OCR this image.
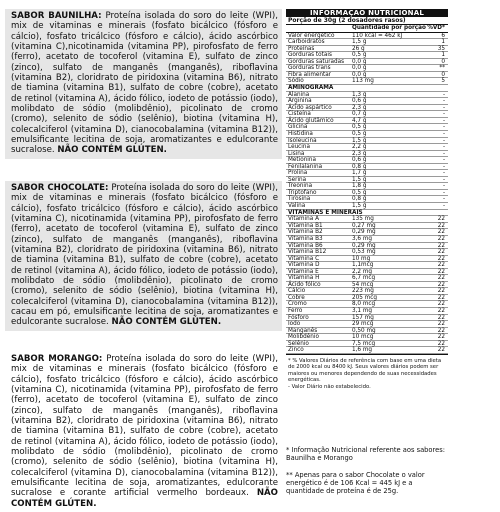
SABOR BAUNILHA: Proteína isolada do soro do leite (WPI), mix de vitaminas e minerais (fosfato bicálcico (fósforo e cálcio), fosfato tricálcico (fósforo e cálcio), ácido ascórbico (vitamina C),nicotinamida (vitamina PP), pirofosfato de ferro (ferro), acetato de tocoferol (vitamina E), sulfato de zinco (zinco), sulfato de manganês (manganês), riboflavina (vitamina B2), cloridrato de piridoxina (vitamina B6), nitrato de tiamina (vitamina B1), sulfato de cobre (cobre), acetato de retinol (vitamina A), ácido fólico, iodeto de potássio (iodo), molibdato de sódio (molibdênio), picolinato de cromo (cromo), selenito de sódio (selênio), biotina (vitamina H), colecalciferol (vitamina D), cianocobalamina (vitamina B12)), emulsificante lecitina de soja, aromatizantes e edulcorante sucralose. NÃO CONTÉM GLÚTEN.
SABOR CHOCOLATE: Proteína isolada do soro do leite (WPI), mix de vitaminas e minerais (fosfato bicálcico (fósforo e cálcio), fosfato tricálcico (fósforo e cálcio), ácido ascórbico (vitamina C), nicotinamida (vitamina PP), pirofosfato de ferro (ferro), acetato de tocoferol (vitamina E), sulfato de zinco (zinco), sulfato de manganês (manganês), riboflavina (vitamina B2), cloridrato de piridoxina (vitamina B6), nitrato de tiamina (vitamina B1), sulfato de cobre (cobre), acetato de retinol (vitamina A), ácido fólico, iodeto de potássio (iodo), molibdato de sódio (molibdênio), picolinato de cromo (cromo), selenito de sódio (selênio), biotina (vitamina H), colecalciferol (vitamina D), cianocobalamina (vitamina B12)), cacau em pó, emulsificante lecitina de soja, aromatizantes e edulcorante sucralose. NÃO CONTÉM GLÚTEN.
SABOR MORANGO: Proteína isolada do soro do leite (WPI), mix de vitaminas e minerais (fosfato bicálcico (fósforo e cálcio), fosfato tricálcico (fósforo e cálcio), ácido ascórbico (vitamina C), nicotinamida (vitamina PP), pirofosfato de ferro (ferro), acetato de tocoferol (vitamina E), sulfato de zinco (zinco), sulfato de manganês (manganês), riboflavina (vitamina B2), cloridrato de piridoxina (vitamina B6), nitrato de tiamina (vitamina B1), sulfato de cobre (cobre), acetato de retinol (vitamina A), ácido fólico, iodeto de potássio (iodo), molibdato de sódio (molibdênio), picolinato de cromo (cromo), selenito de sódio (selênio), biotina (vitamina H), colecalciferol (vitamina D), cianocobalamina (vitamina B12)), emulsificante lecitina de soja, aromatizantes, edulcorante sucralose e corante artificial vermelho bordeaux. NÃO CONTÉM GLÚTEN.
INFORMAÇÃO NUTRICIONAL
Porção de 30g (2 dosadores rasos)
Quantidade por porção %VD*
Valor energético	110 kcal = 462 kJ	6
Carboidratos	1,5 g	1
Proteínas	26 g	35
Gorduras totais	0,5 g	1
Gorduras saturadas	0,0 g	0
Gorduras trans	0,0 g	**
Fibra alimentar	0,0 g	0
Sódio	113 mg	5
AMINOGRAMA
Alanina	1,3 g	-
Arginina	0,6 g	-
Ácido aspártico	2,3 g	-
Cisteína	0,7 g	-
Ácido glutâmico	4,7 g	-
Glicina	0,5 g	-
Histidina	0,5 g	-
Isoleucina	1,5 g	-
Leucina	2,2 g	-
Lisina	2,3 g	-
Metionina	0,6 g	-
Fenilalanina	0,8 g	-
Prolina	1,7 g	-
Serina	1,5 g	-
Treonina	1,8 g	-
Triptofano	0,5 g	-
Tirosina	0,8 g	-
Valina	1,5 g	-
VITAMINAS E MINERAIS
Vitamina A	135 mg	22
Vitamina B1	0,27 mg	22
Vitamina B2	0,29 mg	22
Vitamina B3	3,6 mg	22
Vitamina B6	0,29 mg	22
Vitamina B12	0,53 mg	22
Vitamina C	10 mg	22
Vitamina D	1,1mcg	22
Vitamina E	2,2 mg	22
Vitamina H	6,7 mcg	22
Ácido fólico	54 mcg	22
Cálcio	223 mg	22
Cobre	205 mcg	22
Cromo	8,0 mcg	22
Ferro	3,1 mg	22
Fósforo	157 mg	22
Iodo	29 mcg	22
Manganês	0,50 mg	22
Molibdênio	10 mcg	22
Selênio	7,5 mcg	22
Zinco	1,6 mg	22

* % Valores Diários de referência com base em uma dieta de 2000 kcal ou 8400 kJ. Seus valores diários podem ser maiores ou menores dependendo de suas necessidades energéticas.

- Valor Diário não estabelecido.

* Informação Nutricional referente aos sabores: Baunilha e Morango
** Apenas para o sabor Chocolate o valor energético é de 106 Kcal = 445 kJ e a quantidade de proteína é de 25g.
